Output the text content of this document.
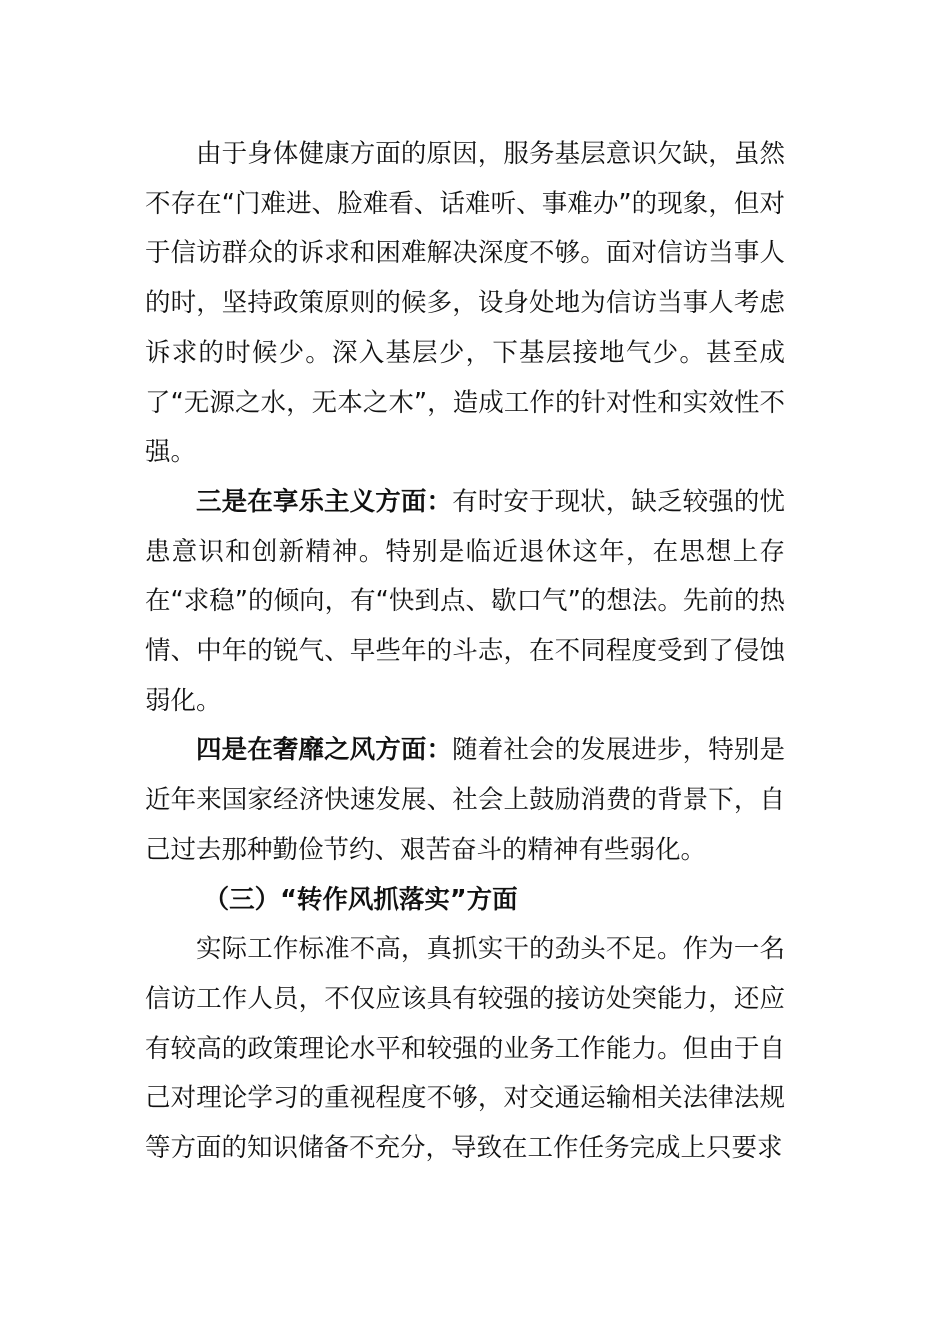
由于身体健康方面的原因，服务基层意识欠缺，虽然不存在“门难进、脸难看、话难听、事难办”的现象，但对于信访群众的诉求和困难解决深度不够。面对信访当事人的时，坚持政策原则的候多，设身处地为信访当事人考虑诉求的时候少。深入基层少，下基层接地气少。甚至成了“无源之水，无本之木”，造成工作的针对性和实效性不强。

三是在享乐主义方面：有时安于现状，缺乏较强的忧患意识和创新精神。特别是临近退休这年，在思想上存在“求稳”的倾向，有“快到点、歇口气”的想法。先前的热情、中年的锐气、早些年的斗志，在不同程度受到了侵蚀弱化。

四是在奢靡之风方面：随着社会的发展进步，特别是近年来国家经济快速发展、社会上鼓励消费的背景下，自己过去那种勤俭节约、艰苦奋斗的精神有些弱化。

（三）“转作风抓落实”方面

实际工作标准不高，真抓实干的劲头不足。作为一名信访工作人员，不仅应该具有较强的接访处突能力，还应有较高的政策理论水平和较强的业务工作能力。但由于自己对理论学习的重视程度不够，对交通运输相关法律法规等方面的知识储备不充分，导致在工作任务完成上只要求
